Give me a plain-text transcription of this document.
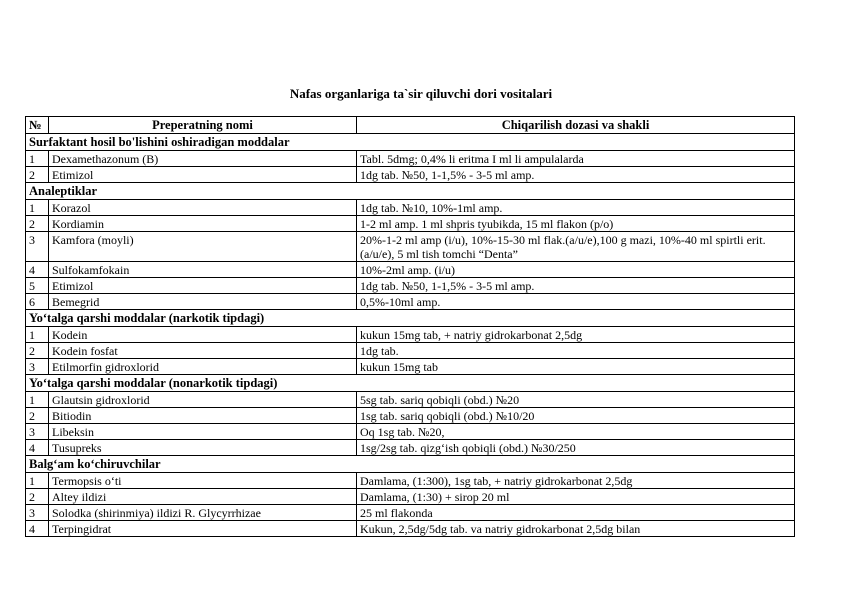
Nafas organlariga ta`sir qiluvchi dori vositalari
№	Preperatning nomi	Chiqarilish dozasi va shakli
Surfaktant hosil bo'lishini oshiradigan moddalar		
1	Dexamethazonum (B)	Tabl. 5dmg; 0,4% li eritma I ml li ampulalarda
2	Etimizol	1dg tab. №50, 1-1,5% - 3-5 ml amp.
Analeptiklar		
1	Korazol	1dg tab. №10, 10%-1ml amp.
2	Kordiamin	1-2 ml amp. 1 ml shpris tyubikda, 15 ml flakon (p/o)
3	Kamfora (moyli)	20%-1-2 ml amp (i/u), 10%-15-30 ml flak.(a/u/e),100 g mazi, 10%-40 ml spirtli erit. (a/u/e), 5 ml tish tomchi “Denta”
4	Sulfokamfokain	10%-2ml amp. (i/u)
5	Etimizol	1dg tab. №50, 1-1,5% - 3-5 ml amp.
6	Bemegrid	0,5%-10ml amp.
Yo‘talga qarshi moddalar (narkotik tipdagi)		
1	Kodein	kukun 15mg tab, + natriy gidrokarbonat 2,5dg
2	Kodein fosfat	1dg tab.
3	Etilmorfin gidroxlorid	kukun 15mg tab
Yo‘talga qarshi moddalar (nonarkotik tipdagi)		
1	Glautsin gidroxlorid	5sg tab. sariq qobiqli (obd.) №20
2	Bitiodin	1sg tab. sariq qobiqli (obd.) №10/20
3	Libeksin	Oq 1sg tab. №20,
4	Tusupreks	1sg/2sg tab. qizg‘ish qobiqli (obd.) №30/250
Balg‘am ko‘chiruvchilar		
1	Termopsis o‘ti	Damlama, (1:300), 1sg tab, + natriy gidrokarbonat 2,5dg
2	Altey ildizi	Damlama, (1:30) + sirop 20 ml
3	Solodka (shirinmiya) ildizi R. Glycyrrhizae	25 ml flakonda
4	Terpingidrat	Kukun, 2,5dg/5dg tab. va natriy gidrokarbonat 2,5dg bilan
